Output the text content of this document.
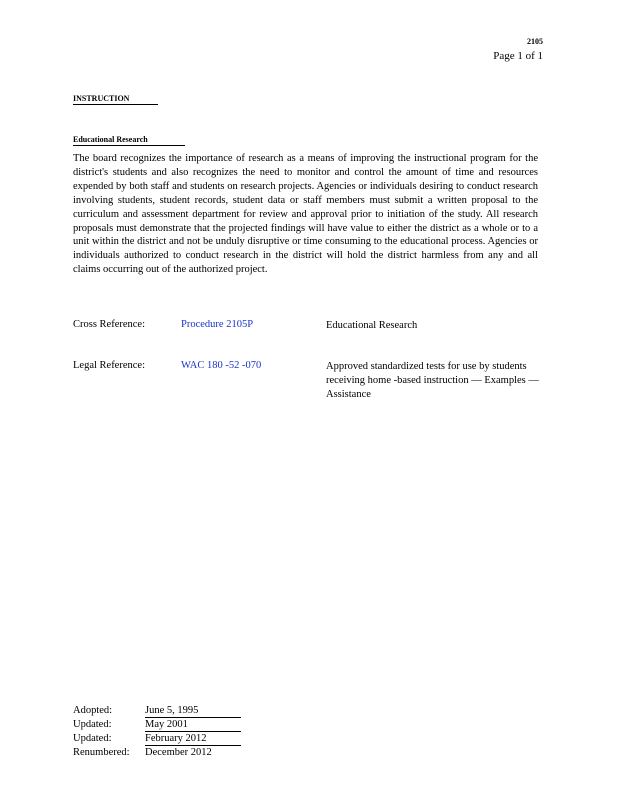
2105
Page 1 of 1
INSTRUCTION
Educational Research
The board recognizes the importance of research as a means of improving the instructional program for the district's students and also recognizes the need to monitor and control the amount of time and resources expended by both staff and students on research projects. Agencies or individuals desiring to conduct research involving students, student records, student data or staff members must submit a written proposal to the curriculum and assessment department for review and approval prior to initiation of the study. All research proposals must demonstrate that the projected findings will have value to either the district as a whole or to a unit within the district and not be unduly disruptive or time consuming to the educational process. Agencies or individuals authorized to conduct research in the district will hold the district harmless from any and all claims occurring out of the authorized project.
Cross Reference:	Procedure 2105P	Educational Research
Legal Reference:	WAC 180 -52 -070	Approved standardized tests for use by students receiving home -based instruction — Examples — Assistance
Adopted:	June 5, 1995
Updated:	May 2001
Updated:	February 2012
Renumbered:	December 2012
